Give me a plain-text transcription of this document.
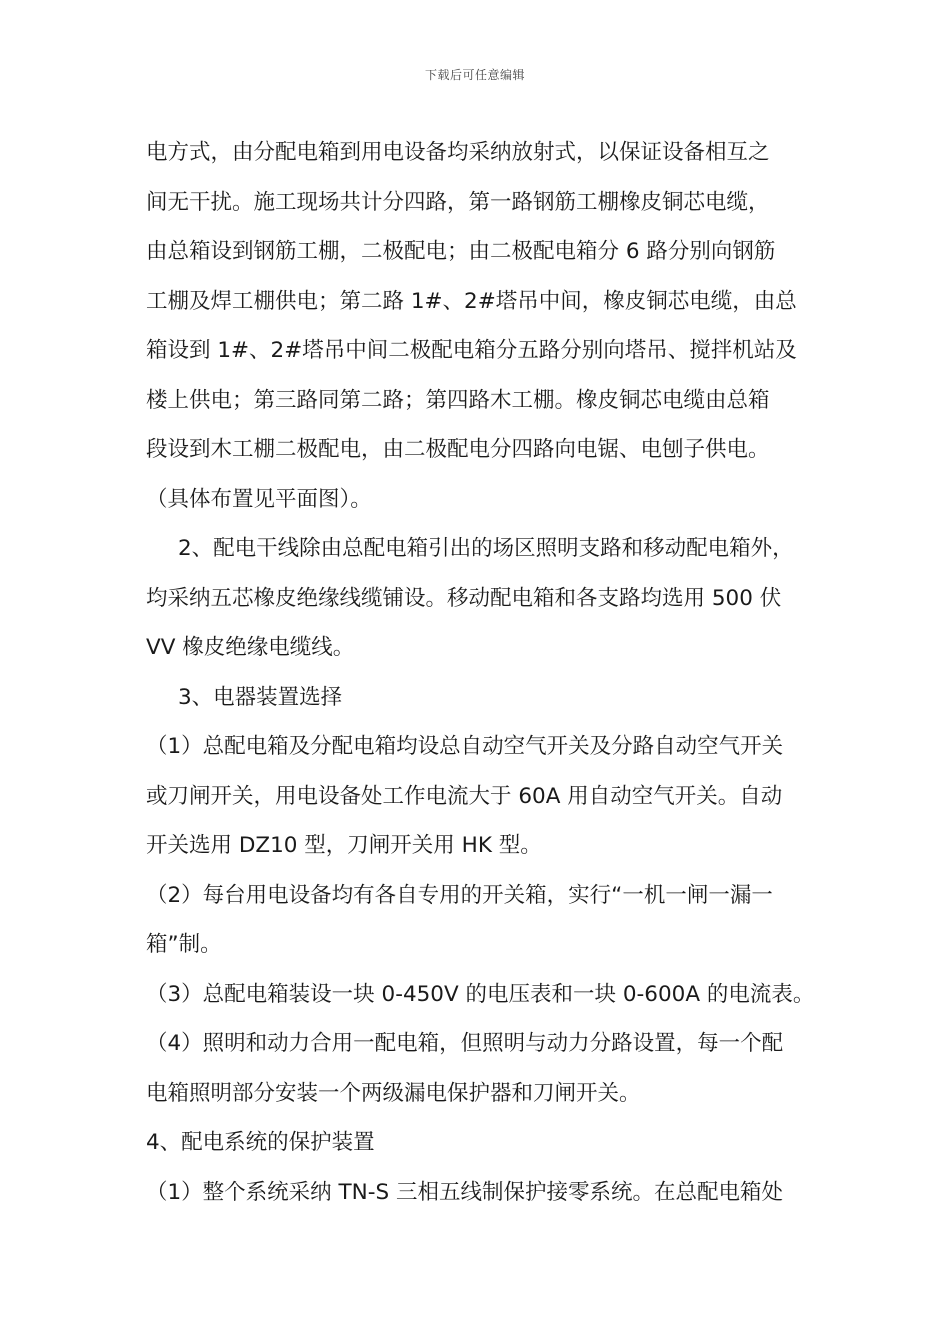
下载后可任意编辑
电方式，由分配电箱到用电设备均采纳放射式，以保证设备相互之
间无干扰。施工现场共计分四路，第一路钢筋工棚橡皮铜芯电缆，
由总箱设到钢筋工棚，二极配电；由二极配电箱分 6 路分别向钢筋
工棚及焊工棚供电；第二路 1#、2#塔吊中间，橡皮铜芯电缆，由总
箱设到 1#、2#塔吊中间二极配电箱分五路分别向塔吊、搅拌机站及
楼上供电；第三路同第二路；第四路木工棚。橡皮铜芯电缆由总箱
段设到木工棚二极配电，由二极配电分四路向电锯、电刨子供电。
（具体布置见平面图）。
2、配电干线除由总配电箱引出的场区照明支路和移动配电箱外，
均采纳五芯橡皮绝缘线缆铺设。移动配电箱和各支路均选用 500 伏
VV 橡皮绝缘电缆线。
3、电器装置选择
（1）总配电箱及分配电箱均设总自动空气开关及分路自动空气开关
或刀闸开关，用电设备处工作电流大于 60A 用自动空气开关。自动
开关选用 DZ10 型，刀闸开关用 HK 型。
（2）每台用电设备均有各自专用的开关箱，实行“一机一闸一漏一
箱”制。
（3）总配电箱装设一块 0-450V 的电压表和一块 0-600A 的电流表。
（4）照明和动力合用一配电箱，但照明与动力分路设置，每一个配
电箱照明部分安装一个两级漏电保护器和刀闸开关。
4、配电系统的保护装置
（1）整个系统采纳 TN-S 三相五线制保护接零系统。在总配电箱处
